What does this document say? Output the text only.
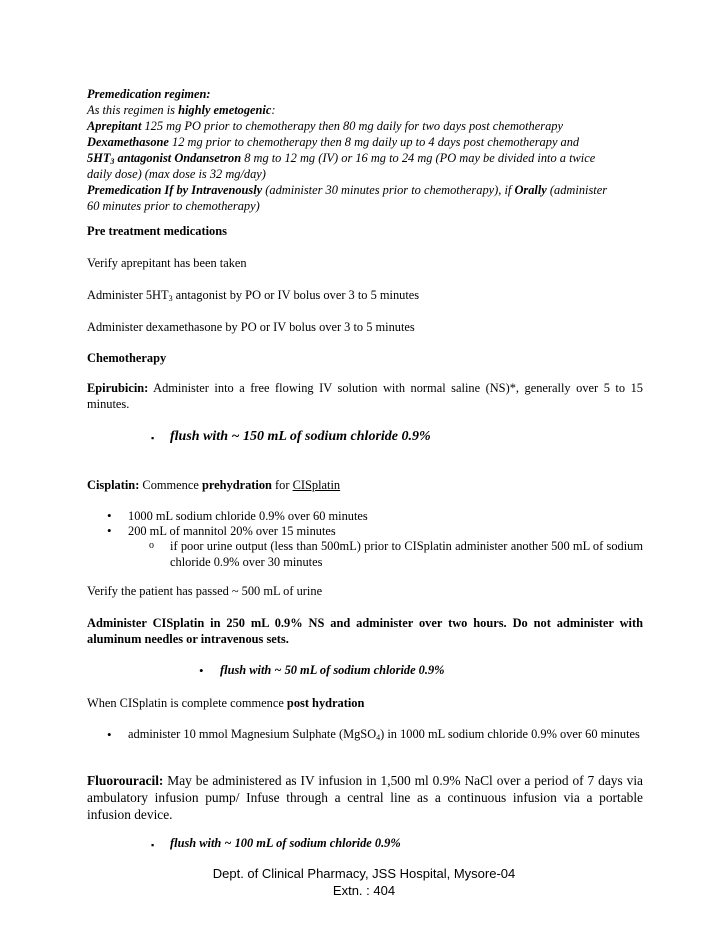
Premedication regimen:
As this regimen is highly emetogenic:
Aprepitant 125 mg PO prior to chemotherapy then 80 mg daily for two days post chemotherapy
Dexamethasone 12 mg prior to chemotherapy then 8 mg daily up to 4 days post chemotherapy and
$5HT_3$ antagonist Ondansetron 8 mg to 12 mg (IV) or 16 mg to 24 mg (PO may be divided into a twice
daily dose) (max dose is 32 mg/day)
Premedication If by Intravenously (administer 30 minutes prior to chemotherapy), if Orally (administer
60 minutes prior to chemotherapy)
Pre treatment medications
Verify aprepitant has been taken
Administer $5HT_3$ antagonist by PO or IV bolus over 3 to 5 minutes
Administer dexamethasone by PO or IV bolus over 3 to 5 minutes
Chemotherapy
Epirubicin: Administer into a free flowing IV solution with normal saline (NS)*, generally over 5 to 15 minutes.
▪ flush with ~ 150 mL of sodium chloride 0.9%
Cisplatin: Commence prehydration for CISplatin
• 1000 mL sodium chloride 0.9% over 60 minutes
• 200 mL of mannitol 20% over 15 minutes
o if poor urine output (less than 500mL) prior to CISplatin administer another 500 mL of sodium chloride 0.9% over 30 minutes
Verify the patient has passed ~ 500 mL of urine
Administer CISplatin in 250 mL 0.9% NS and administer over two hours. Do not administer with aluminum needles or intravenous sets.
• flush with ~ 50 mL of sodium chloride 0.9%
When CISplatin is complete commence post hydration
• administer 10 mmol Magnesium Sulphate (MgSO$_4$) in 1000 mL sodium chloride 0.9% over 60 minutes
Fluorouracil: May be administered as IV infusion in 1,500 ml 0.9% NaCl over a period of 7 days via ambulatory infusion pump/ Infuse through a central line as a continuous infusion via a portable infusion device.
▪ flush with ~ 100 mL of sodium chloride 0.9%
Dept. of Clinical Pharmacy, JSS Hospital, Mysore-04
Extn. : 404
